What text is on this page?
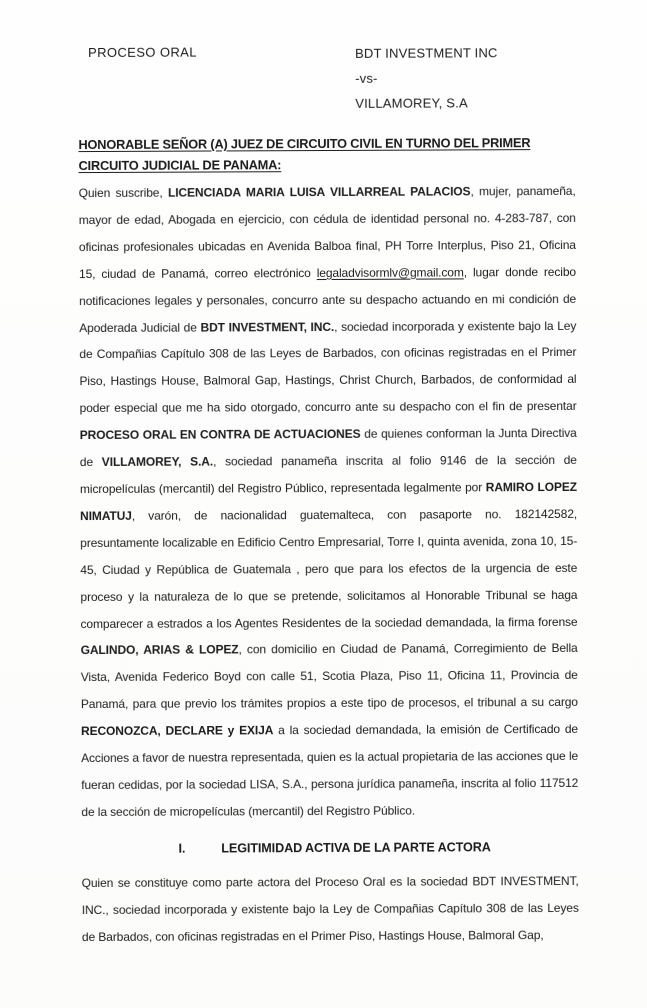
PROCESO ORAL	BDT INVESTMENT INC
-vs-
VILLAMOREY, S.A
HONORABLE SEÑOR (A) JUEZ DE CIRCUITO CIVIL EN TURNO DEL PRIMER CIRCUITO JUDICIAL DE PANAMA:

Quien suscribe, LICENCIADA MARIA LUISA VILLARREAL PALACIOS, mujer, panameña, mayor de edad, Abogada en ejercicio, con cédula de identidad personal no. 4-283-787, con oficinas profesionales ubicadas en Avenida Balboa final, PH Torre Interplus, Piso 21, Oficina 15, ciudad de Panamá, correo electrónico legaladvisormlv@gmail.com, lugar donde recibo notificaciones legales y personales, concurro ante su despacho actuando en mi condición de Apoderada Judicial de BDT INVESTMENT, INC., sociedad incorporada y existente bajo la Ley de Compañias Capítulo 308 de las Leyes de Barbados, con oficinas registradas en el Primer Piso, Hastings House, Balmoral Gap, Hastings, Christ Church, Barbados, de conformidad al poder especial que me ha sido otorgado, concurro ante su despacho con el fin de presentar PROCESO ORAL EN CONTRA DE ACTUACIONES de quienes conforman la Junta Directiva de VILLAMOREY, S.A., sociedad panameña inscrita al folio 9146 de la sección de micropelículas (mercantil) del Registro Público, representada legalmente por RAMIRO LOPEZ NIMATUJ, varón, de nacionalidad guatemalteca, con pasaporte no. 182142582, presuntamente localizable en Edificio Centro Empresarial, Torre I, quinta avenida, zona 10, 15-45, Ciudad y República de Guatemala , pero que para los efectos de la urgencia de este proceso y la naturaleza de lo que se pretende, solicitamos al Honorable Tribunal se haga comparecer a estrados a los Agentes Residentes de la sociedad demandada, la firma forense GALINDO, ARIAS & LOPEZ, con domicilio en Ciudad de Panamá, Corregimiento de Bella Vista, Avenida Federico Boyd con calle 51, Scotia Plaza, Piso 11, Oficina 11, Provincia de Panamá, para que previo los trámites propios a este tipo de procesos, el tribunal a su cargo RECONOZCA, DECLARE y EXIJA a la sociedad demandada, la emisión de Certificado de Acciones a favor de nuestra representada, quien es la actual propietaria de las acciones que le fueran cedidas, por la sociedad LISA, S.A., persona jurídica panameña, inscrita al folio 117512 de la sección de micropelículas (mercantil) del Registro Público.

I.	LEGITIMIDAD ACTIVA DE LA PARTE ACTORA

Quien se constituye como parte actora del Proceso Oral es la sociedad BDT INVESTMENT, INC., sociedad incorporada y existente bajo la Ley de Compañias Capítulo 308 de las Leyes de Barbados, con oficinas registradas en el Primer Piso, Hastings House, Balmoral Gap,
